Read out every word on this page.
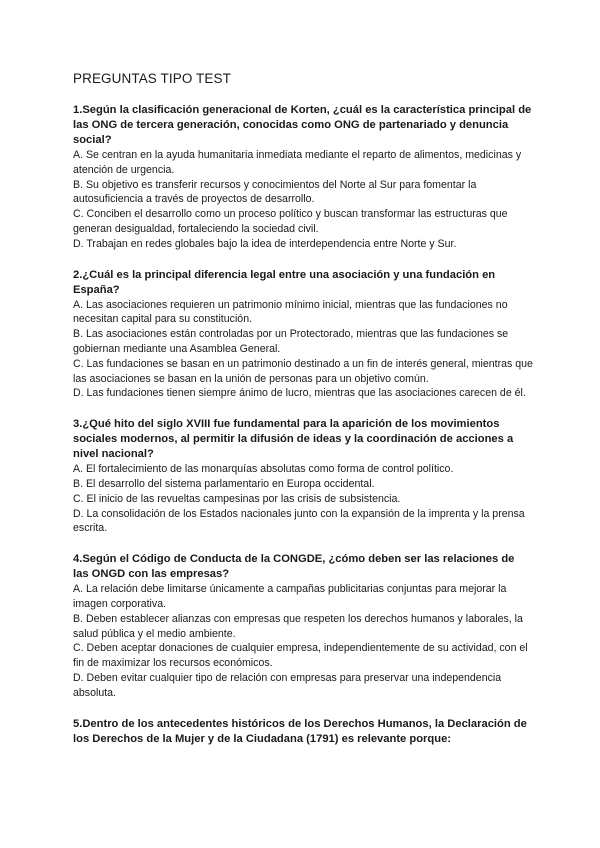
PREGUNTAS TIPO TEST

1.Según la clasificación generacional de Korten, ¿cuál es la característica principal de las ONG de tercera generación, conocidas como ONG de partenariado y denuncia social?

A. Se centran en la ayuda humanitaria inmediata mediante el reparto de alimentos, medicinas y atención de urgencia.

B. Su objetivo es transferir recursos y conocimientos del Norte al Sur para fomentar la autosuficiencia a través de proyectos de desarrollo.

C. Conciben el desarrollo como un proceso político y buscan transformar las estructuras que generan desigualdad, fortaleciendo la sociedad civil.

D. Trabajan en redes globales bajo la idea de interdependencia entre Norte y Sur.

2.¿Cuál es la principal diferencia legal entre una asociación y una fundación en España?

A. Las asociaciones requieren un patrimonio mínimo inicial, mientras que las fundaciones no necesitan capital para su constitución.

B. Las asociaciones están controladas por un Protectorado, mientras que las fundaciones se gobiernan mediante una Asamblea General.

C. Las fundaciones se basan en un patrimonio destinado a un fin de interés general, mientras que las asociaciones se basan en la unión de personas para un objetivo común.

D. Las fundaciones tienen siempre ánimo de lucro, mientras que las asociaciones carecen de él.

3.¿Qué hito del siglo XVIII fue fundamental para la aparición de los movimientos sociales modernos, al permitir la difusión de ideas y la coordinación de acciones a nivel nacional?

A. El fortalecimiento de las monarquías absolutas como forma de control político.

B. El desarrollo del sistema parlamentario en Europa occidental.

C. El inicio de las revueltas campesinas por las crisis de subsistencia.

D. La consolidación de los Estados nacionales junto con la expansión de la imprenta y la prensa escrita.

4.Según el Código de Conducta de la CONGDE, ¿cómo deben ser las relaciones de las ONGD con las empresas?

A. La relación debe limitarse únicamente a campañas publicitarias conjuntas para mejorar la imagen corporativa.

B. Deben establecer alianzas con empresas que respeten los derechos humanos y laborales, la salud pública y el medio ambiente.

C. Deben aceptar donaciones de cualquier empresa, independientemente de su actividad, con el fin de maximizar los recursos económicos.

D. Deben evitar cualquier tipo de relación con empresas para preservar una independencia absoluta.

5.Dentro de los antecedentes históricos de los Derechos Humanos, la Declaración de los Derechos de la Mujer y de la Ciudadana (1791) es relevante porque:
